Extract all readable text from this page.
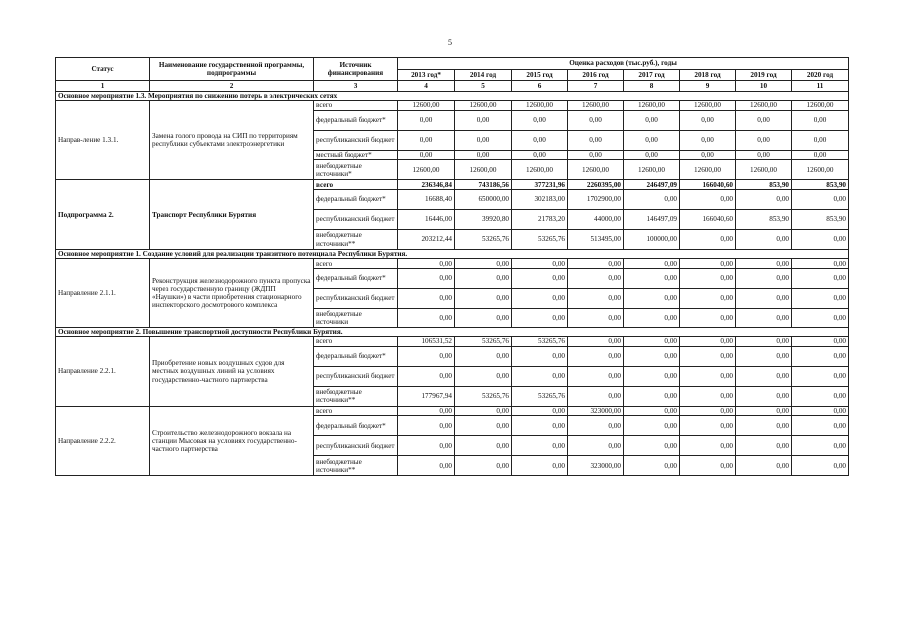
5
Статус	Наименование государственной программы, подпрограммы	Источник финансирования	Оценка расходов (тыс.руб.), годы							
			2013 год*	2014 год	2015 год	2016 год	2017 год	2018 год	2019 год	2020 год
1	2	3	4	5	6	7	8	9	10	11
Основное мероприятие 1.3. Мероприятия по снижению потерь в электрических сетях										
Направ-ление 1.3.1.	Замена голого провода на СИП по территориям республики субъектами электроэнергетики	всего	12600,00	12600,00	12600,00	12600,00	12600,00	12600,00	12600,00	12600,00
		федеральный бюджет*	0,00	0,00	0,00	0,00	0,00	0,00	0,00	0,00
		республиканский бюджет	0,00	0,00	0,00	0,00	0,00	0,00	0,00	0,00
		местный бюджет*	0,00	0,00	0,00	0,00	0,00	0,00	0,00	0,00
		внебюджетные источники*	12600,00	12600,00	12600,00	12600,00	12600,00	12600,00	12600,00	12600,00
Подпрограмма 2.	Транспорт Республики Бурятия	всего	236346,84	743186,56	377231,96	2260395,00	246497,09	166040,60	853,90	853,90
		федеральный бюджет*	16688,40	650000,00	302183,00	1702900,00	0,00	0,00	0,00	0,00
		республиканский бюджет	16446,00	39920,80	21783,20	44000,00	146497,09	166040,60	853,90	853,90
		внебюджетные источники**	203212,44	53265,76	53265,76	513495,00	100000,00	0,00	0,00	0,00
Основное мероприятие 1. Создание условий для реализации транзитного потенциала Республики Бурятия.										
Направление 2.1.1.	Реконструкция железнодорожного пункта пропуска через государственную границу (ЖДПП «Наушки») в части приобретения стационарного инспекторского досмотрового комплекса	всего	0,00	0,00	0,00	0,00	0,00	0,00	0,00	0,00
		федеральный бюджет*	0,00	0,00	0,00	0,00	0,00	0,00	0,00	0,00
		республиканский бюджет	0,00	0,00	0,00	0,00	0,00	0,00	0,00	0,00
		внебюджетные источники	0,00	0,00	0,00	0,00	0,00	0,00	0,00	0,00
Основное мероприятие 2. Повышение транспортной доступности Республики Бурятия.										
Направление 2.2.1.	Приобретение новых воздушных судов для местных воздушных линий на условиях государственно-частного партнерства	всего	106531,52	53265,76	53265,76	0,00	0,00	0,00	0,00	0,00
		федеральный бюджет*	0,00	0,00	0,00	0,00	0,00	0,00	0,00	0,00
		республиканский бюджет	0,00	0,00	0,00	0,00	0,00	0,00	0,00	0,00
		внебюджетные источники**	177967,94	53265,76	53265,76	0,00	0,00	0,00	0,00	0,00
Направление 2.2.2.	Строительство железнодорожного вокзала на станции Мысовая на условиях государственно-частного партнерства	всего	0,00	0,00	0,00	323000,00	0,00	0,00	0,00	0,00
		федеральный бюджет*	0,00	0,00	0,00	0,00	0,00	0,00	0,00	0,00
		республиканский бюджет	0,00	0,00	0,00	0,00	0,00	0,00	0,00	0,00
		внебюджетные источники**	0,00	0,00	0,00	323000,00	0,00	0,00	0,00	0,00
